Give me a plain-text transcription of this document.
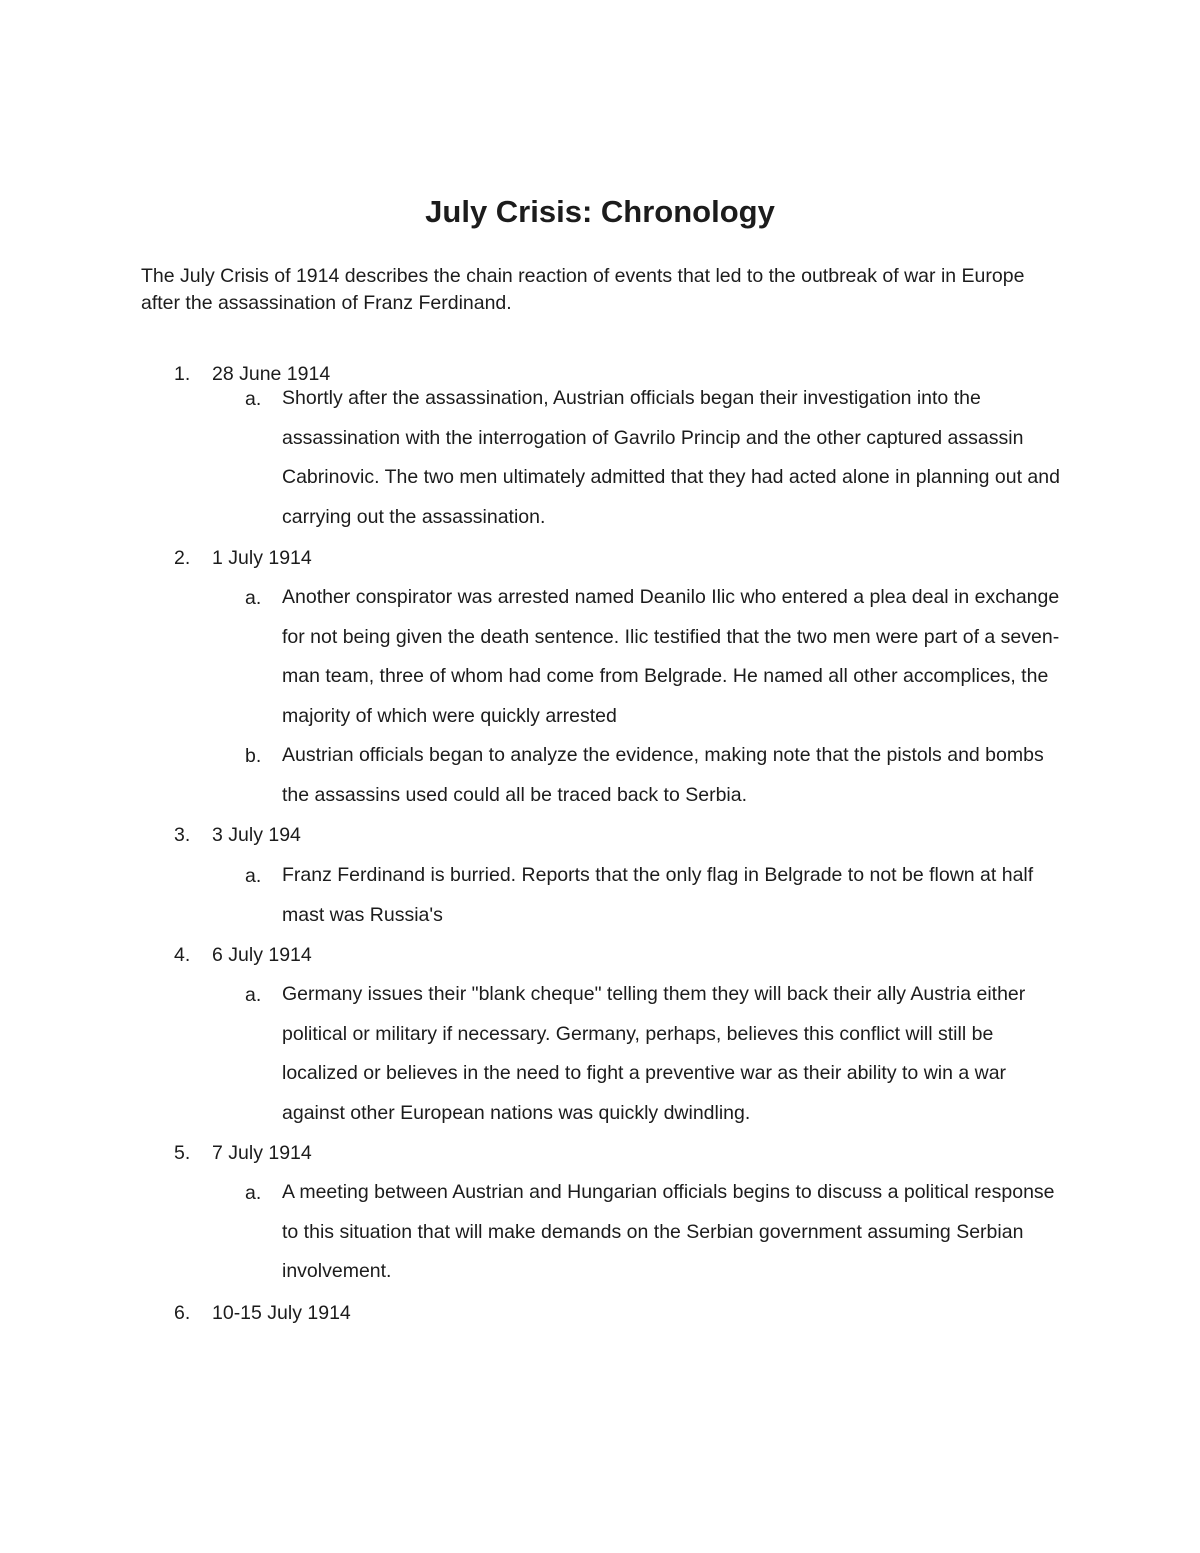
July Crisis: Chronology

The July Crisis of 1914 describes the chain reaction of events that led to the outbreak of war in Europe after the assassination of Franz Ferdinand.

1. 28 June 1914
a. Shortly after the assassination, Austrian officials began their investigation into the assassination with the interrogation of Gavrilo Princip and the other captured assassin Cabrinovic. The two men ultimately admitted that they had acted alone in planning out and carrying out the assassination.

2. 1 July 1914
a. Another conspirator was arrested named Deanilo Ilic who entered a plea deal in exchange for not being given the death sentence. Ilic testified that the two men were part of a seven-man team, three of whom had come from Belgrade. He named all other accomplices, the majority of which were quickly arrested

b. Austrian officials began to analyze the evidence, making note that the pistols and bombs the assassins used could all be traced back to Serbia.

3. 3 July 194
a. Franz Ferdinand is burried. Reports that the only flag in Belgrade to not be flown at half mast was Russia's

4. 6 July 1914
a. Germany issues their "blank cheque" telling them they will back their ally Austria either political or military if necessary. Germany, perhaps, believes this conflict will still be localized or believes in the need to fight a preventive war as their ability to win a war against other European nations was quickly dwindling.

5. 7 July 1914
a. A meeting between Austrian and Hungarian officials begins to discuss a political response to this situation that will make demands on the Serbian government assuming Serbian involvement.

6. 10-15 July 1914
